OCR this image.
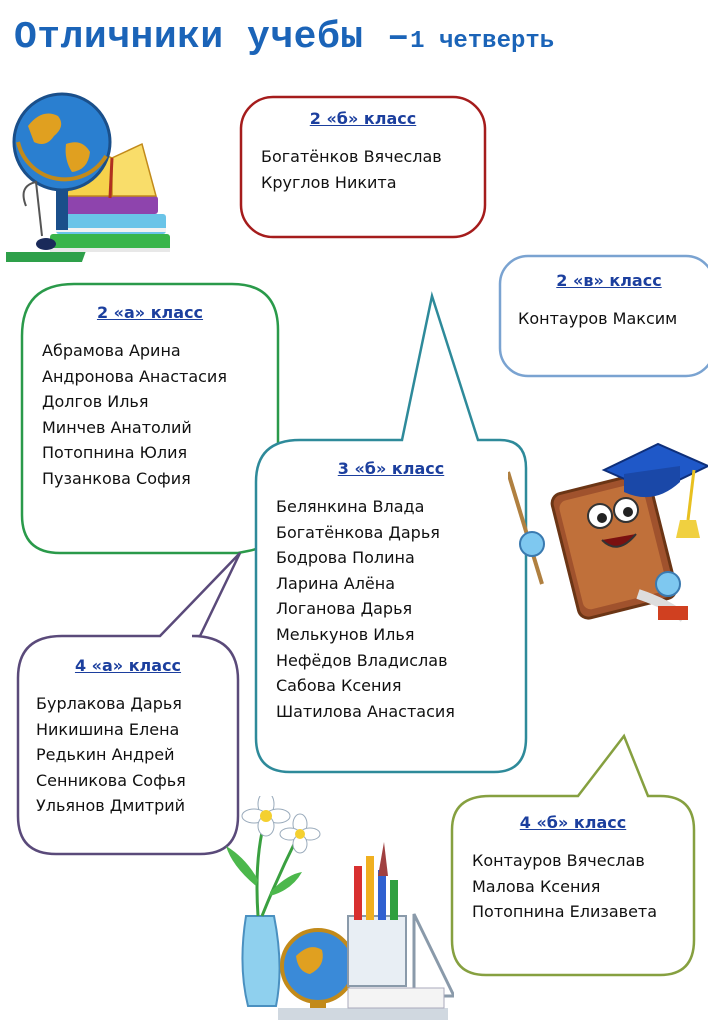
Отличники учебы –1 четверть
2 «б» класс
Богатёнков Вячеслав
Круглов Никита
2 «в» класс
Контауров Максим
2 «а» класс
Абрамова Арина
Андронова Анастасия
Долгов Илья
Минчев Анатолий
Потопнина Юлия
Пузанкова София
3 «б» класс
Белянкина Влада
Богатёнкова Дарья
Бодрова Полина
Ларина Алёна
Логанова Дарья
Мелькунов Илья
Нефёдов Владислав
Сабова Ксения
Шатилова Анастасия
4 «а» класс
Бурлакова Дарья
Никишина Елена
Редькин Андрей
Сенникова Софья
Ульянов Дмитрий
4 «б» класс
Контауров Вячеслав
Малова Ксения
Потопнина Елизавета
